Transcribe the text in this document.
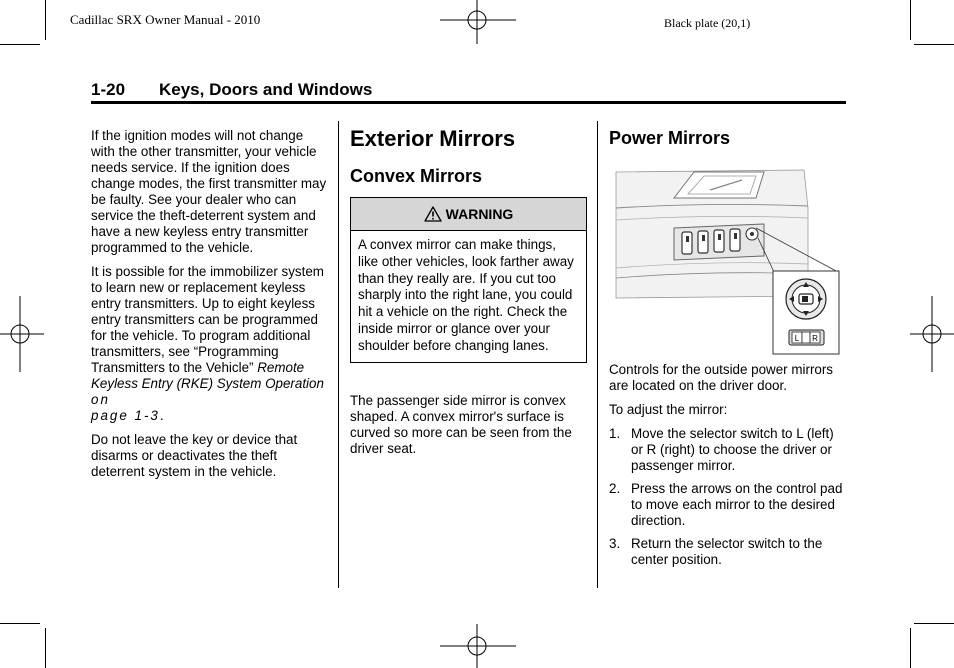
Cadillac SRX Owner Manual - 2010	Black plate (20,1)
1-20 Keys, Doors and Windows

If the ignition modes will not change with the other transmitter, your vehicle needs service. If the ignition does change modes, the first transmitter may be faulty. See your dealer who can service the theft-deterrent system and have a new keyless entry transmitter programmed to the vehicle.

It is possible for the immobilizer system to learn new or replacement keyless entry transmitters. Up to eight keyless entry transmitters can be programmed for the vehicle. To program additional transmitters, see “Programming Transmitters to the Vehicle” Remote Keyless Entry (RKE) System Operation on
page 1‑3.

Do not leave the key or device that disarms or deactivates the theft deterrent system in the vehicle.

Exterior Mirrors
Convex Mirrors
WARNING
A convex mirror can make things, like other vehicles, look farther away than they really are. If you cut too sharply into the right lane, you could hit a vehicle on the right. Check the inside mirror or glance over your shoulder before changing lanes.

The passenger side mirror is convex shaped. A convex mirror's surface is curved so more can be seen from the driver seat.

Power Mirrors
L R

Controls for the outside power mirrors are located on the driver door.

To adjust the mirror:

1. Move the selector switch to L (left) or R (right) to choose the driver or passenger mirror.
2. Press the arrows on the control pad to move each mirror to the desired direction.
3. Return the selector switch to the center position.
